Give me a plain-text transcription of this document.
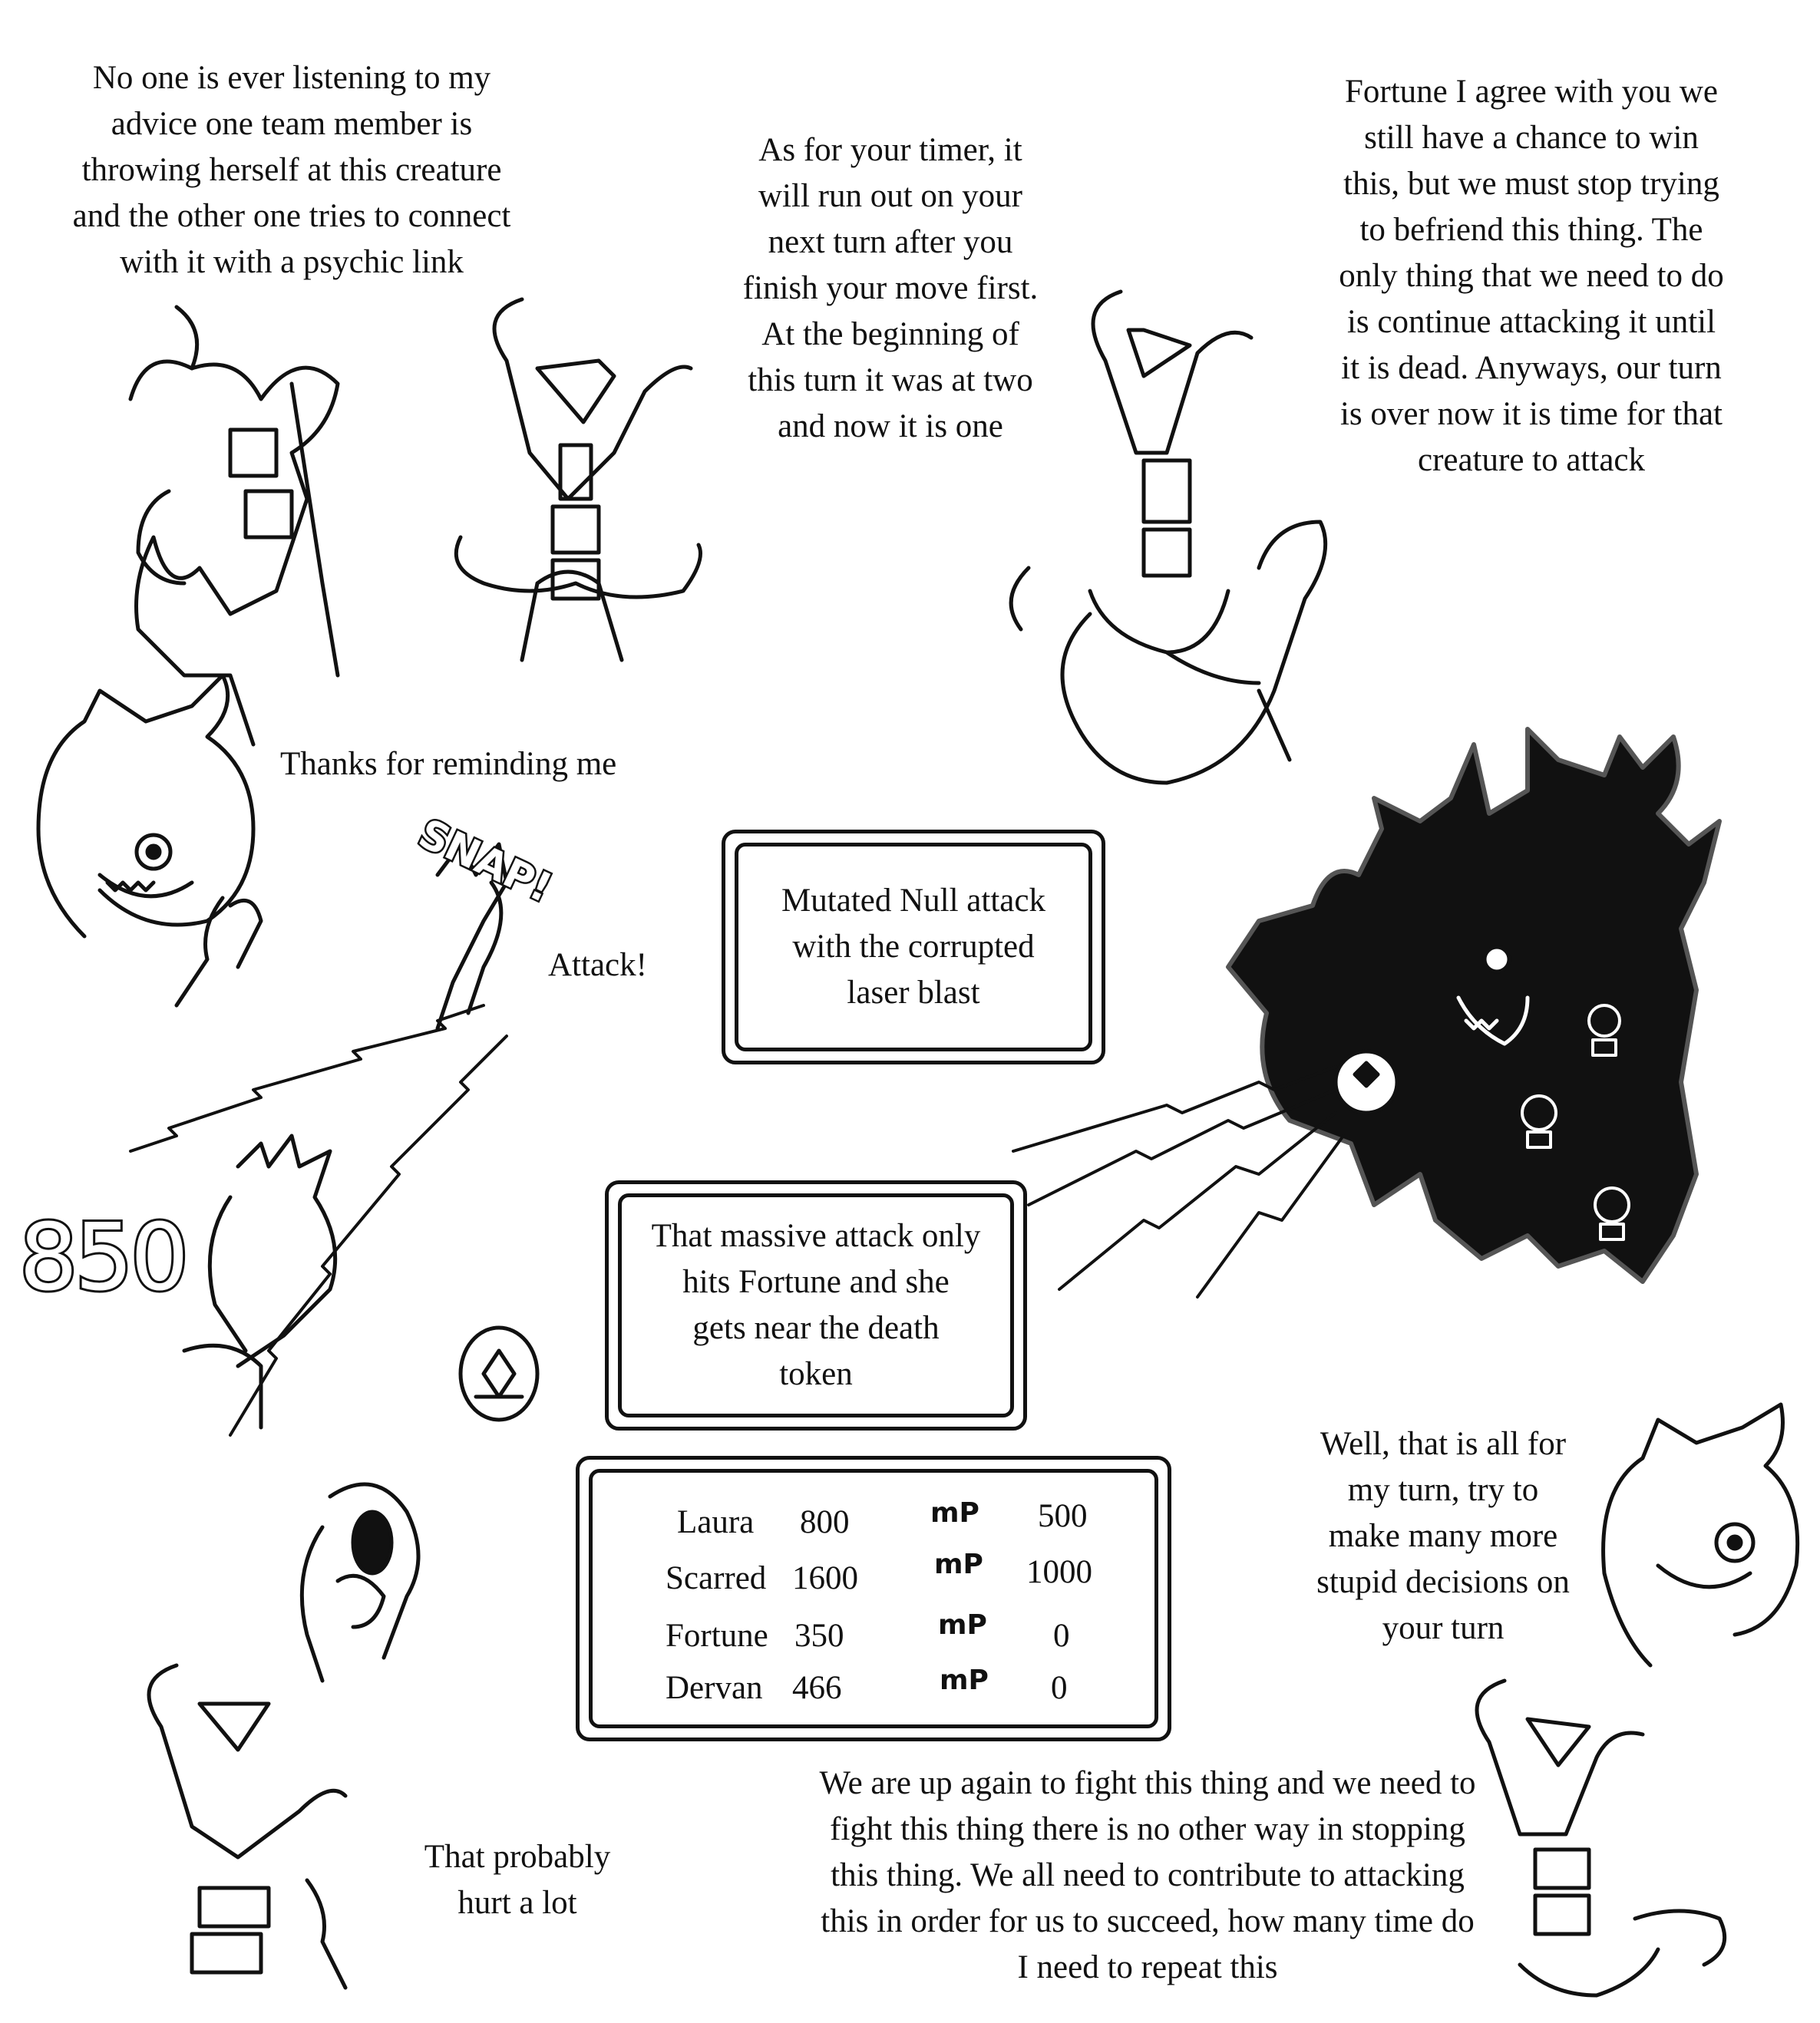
No one is ever listening to my
advice one team member is
throwing herself at this creature
and the other one tries to connect
with it with a psychic link
As for your timer, it
will run out on your
next turn after you
finish your move first.
At the beginning of
this turn it was at two
and now it is one
Fortune I agree with you we
still have a chance to win
this, but we must stop trying
to befriend this thing. The
only thing that we need to do
is continue attacking it until
it is dead. Anyways, our turn
is over now it is time for that
creature to attack
Thanks for reminding me
Attack!
SNAP!
850
Mutated Null attack
with the corrupted
laser blast
That massive attack only
hits Fortune and she
gets near the death
token
Laura 800	mP 500
Scarred 1600	mP 1000
Fortune 350	mP 0
Dervan 466	mP 0
Well, that is all for
my turn, try to
make many more
stupid decisions on
your turn
That probably
hurt a lot
We are up again to fight this thing and we need to
fight this thing there is no other way in stopping
this thing. We all need to contribute to attacking
this in order for us to succeed, how many time do
I need to repeat this
